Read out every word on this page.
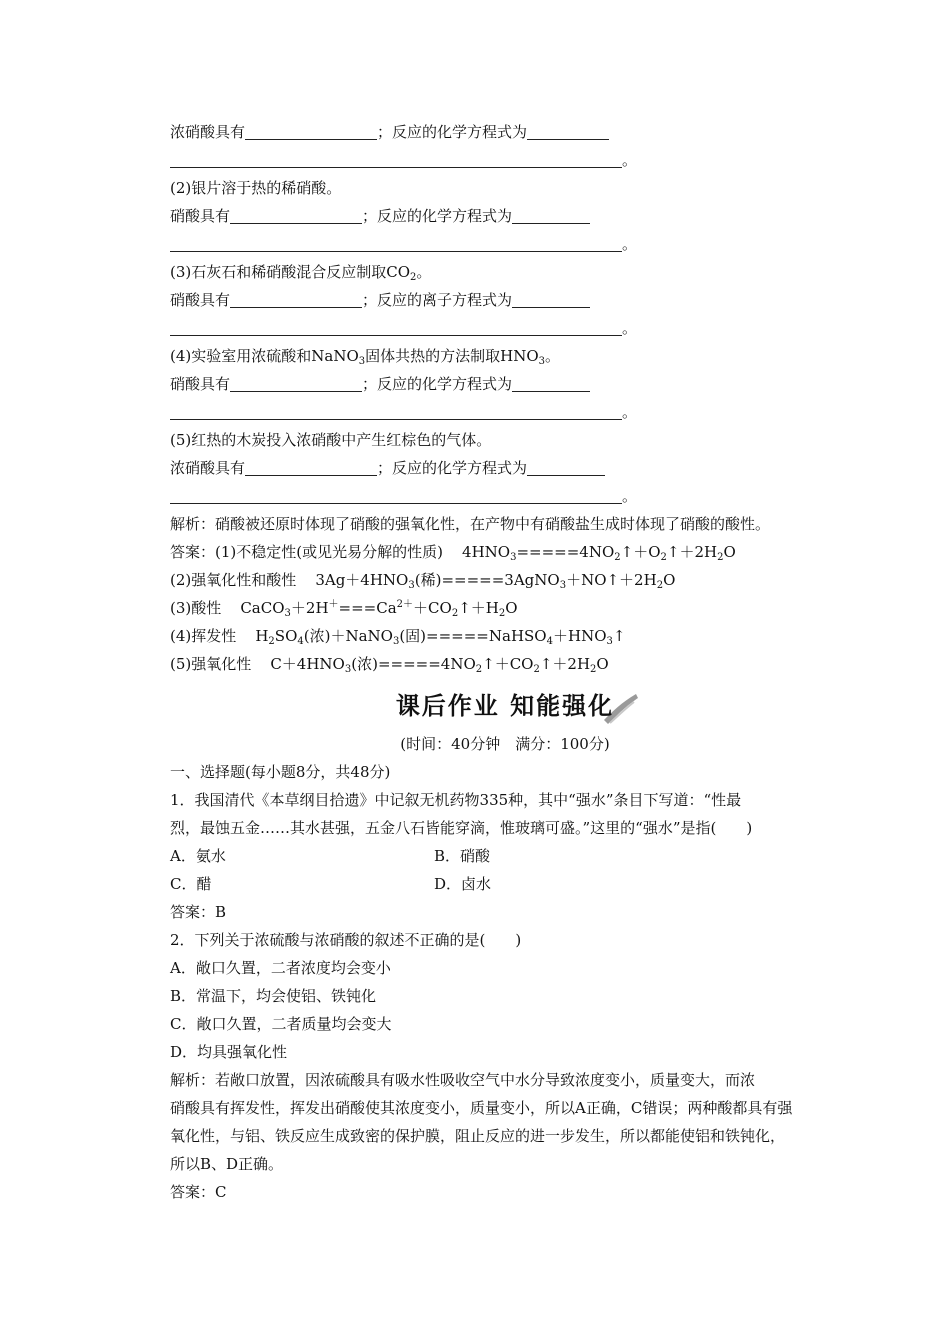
浓硝酸具有	；反应的化学方程式为
。
(2)银片溶于热的稀硝酸。
硝酸具有	；反应的化学方程式为
。
(3)石灰石和稀硝酸混合反应制取$CO_2$。
硝酸具有	；反应的离子方程式为
。
(4)实验室用浓硫酸和NaNO$_3$固体共热的方法制取$HNO_3$。
硝酸具有	；反应的化学方程式为
。
(5)红热的木炭投入浓硝酸中产生红棕色的气体。
浓硝酸具有	；反应的化学方程式为
。
解析：硝酸被还原时体现了硝酸的强氧化性，在产物中有硝酸盐生成时体现了硝酸的酸性。
答案：(1)不稳定性(或见光易分解的性质) $4HNO_3=====4NO_2↑+O_2↑+2H_2O$
(2)强氧化性和酸性 $3Ag+4HNO_3$(稀)$=====3AgNO_3+NO↑+2H_2O$
(3)酸性 $CaCO_3+2H^+===Ca^{2+}+CO_2↑+H_2O$
(4)挥发性 $H_2SO_4$(浓)＋NaNO$_3$(固)$=====NaHSO_4+HNO_3↑$
(5)强氧化性 $C+4HNO_3$(浓)$=====4NO_2↑+CO_2↑+2H_2O$
课后作业 知能强化
(时间：40分钟　满分：100分)
一、选择题(每小题8分，共48分)
1．我国清代《本草纲目拾遗》中记叙无机药物335种，其中“强水”条目下写道：“性最
烈，最蚀五金……其水甚强，五金八石皆能穿滴，惟玻璃可盛。”这里的“强水”是指(　　)
A．氨水	B．硝酸
C．醋	D．卤水
答案：B
2．下列关于浓硫酸与浓硝酸的叙述不正确的是(　　)
A．敞口久置，二者浓度均会变小
B．常温下，均会使铝、铁钝化
C．敞口久置，二者质量均会变大
D．均具强氧化性
解析：若敞口放置，因浓硫酸具有吸水性吸收空气中水分导致浓度变小，质量变大，而浓
硝酸具有挥发性，挥发出硝酸使其浓度变小，质量变小，所以A正确，C错误；两种酸都具有强
氧化性，与铝、铁反应生成致密的保护膜，阻止反应的进一步发生，所以都能使铝和铁钝化，
所以B、D正确。
答案：C
